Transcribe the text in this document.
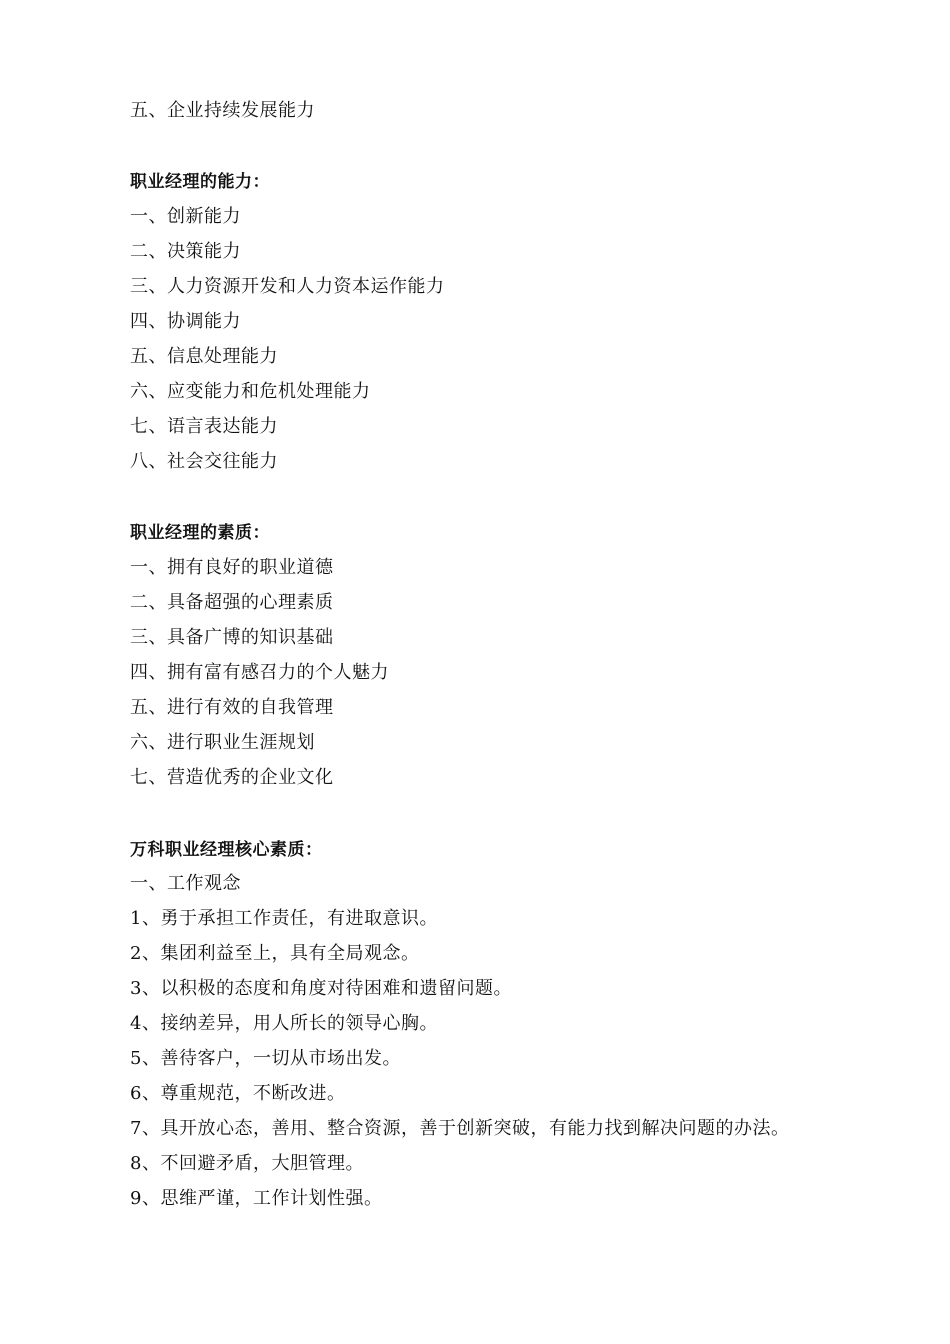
五、企业持续发展能力
职业经理的能力：
一、创新能力
二、决策能力
三、人力资源开发和人力资本运作能力
四、协调能力
五、信息处理能力
六、应变能力和危机处理能力
七、语言表达能力
八、社会交往能力
职业经理的素质：
一、拥有良好的职业道德
二、具备超强的心理素质
三、具备广博的知识基础
四、拥有富有感召力的个人魅力
五、进行有效的自我管理
六、进行职业生涯规划
七、营造优秀的企业文化
万科职业经理核心素质：
一、工作观念
1、勇于承担工作责任，有进取意识。
2、集团利益至上，具有全局观念。
3、以积极的态度和角度对待困难和遗留问题。
4、接纳差异，用人所长的领导心胸。
5、善待客户，一切从市场出发。
6、尊重规范，不断改进。
7、具开放心态，善用、整合资源，善于创新突破，有能力找到解决问题的办法。
8、不回避矛盾，大胆管理。
9、思维严谨，工作计划性强。
